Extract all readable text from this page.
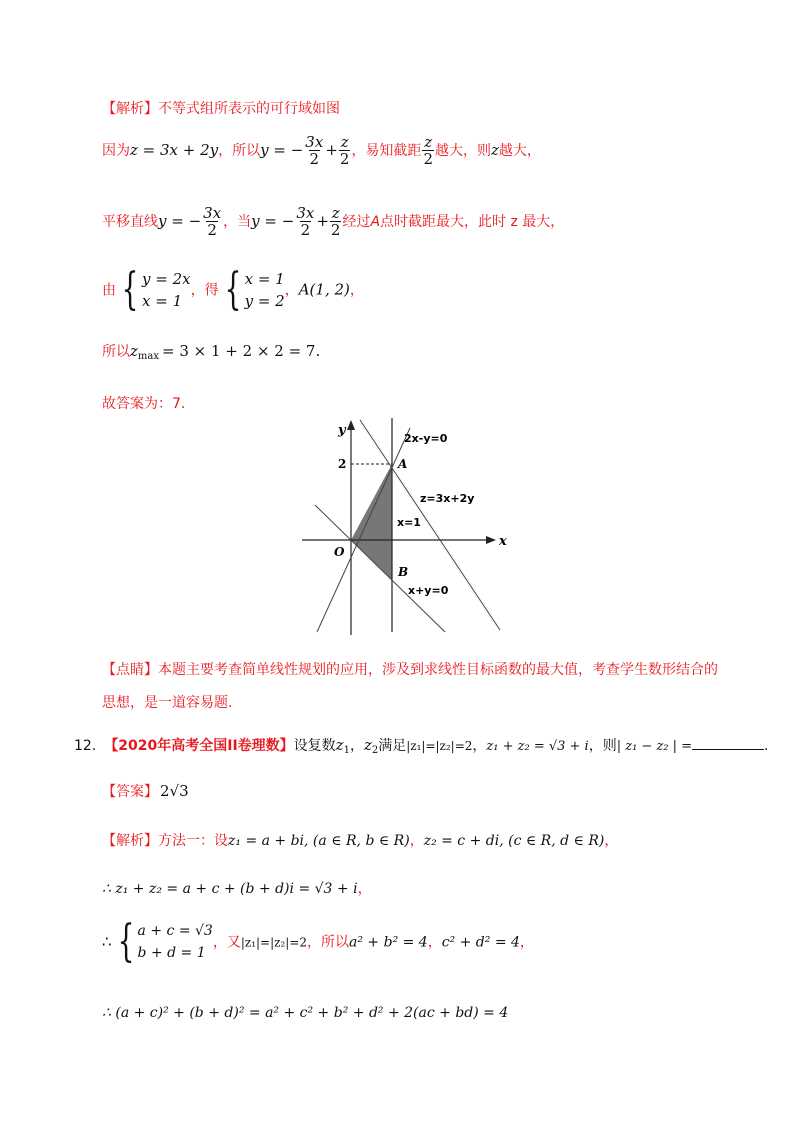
【解析】不等式组所表示的可行域如图
因为z = 3x + 2y，所以y = − $\frac{3x}{2} + \frac{z}{2}$ ，易知截距 $\frac{z}{2}$ 越大，则z越大，
平移直线y = − $\frac{3x}{2}$ ，当y = − $\frac{3x}{2} + \frac{z}{2}$ 经过A点时截距最大，此时 z 最大，
由 { y = 2x
x = 1
，得 { x = 1
y = 2
，A(1, 2)，
所以$z_{max} = 3 \times 1 + 2 \times 2 = 7$.
故答案为：7.
y
x
2	A
B
O
2x-y=0
z=3x+2y
x=1
x+y=0
【点睛】本题主要考查简单线性规划的应用，涉及到求线性目标函数的最大值，考查学生数形结合的
思想，是一道容易题.
12. 【2020年高考全国II卷理数】设复数$z_1$，$z_2$满足|z₁|=|z₂|=2，z₁ + z₂ = √3 + i，则| z₁ − z₂ | =	.
【答案】 2√3
【解析】方法一：设z₁ = a + bi, (a ∈ R, b ∈ R)，z₂ = c + di, (c ∈ R, d ∈ R)，
∴ z₁ + z₂ = a + c + (b + d)i = √3 + i，
∴ { a + c = √3
b + d = 1
，又|z₁|=|z₂|=2，所以a² + b² = 4，c² + d² = 4，
∴ (a + c)² + (b + d)² = a² + c² + b² + d² + 2(ac + bd) = 4
